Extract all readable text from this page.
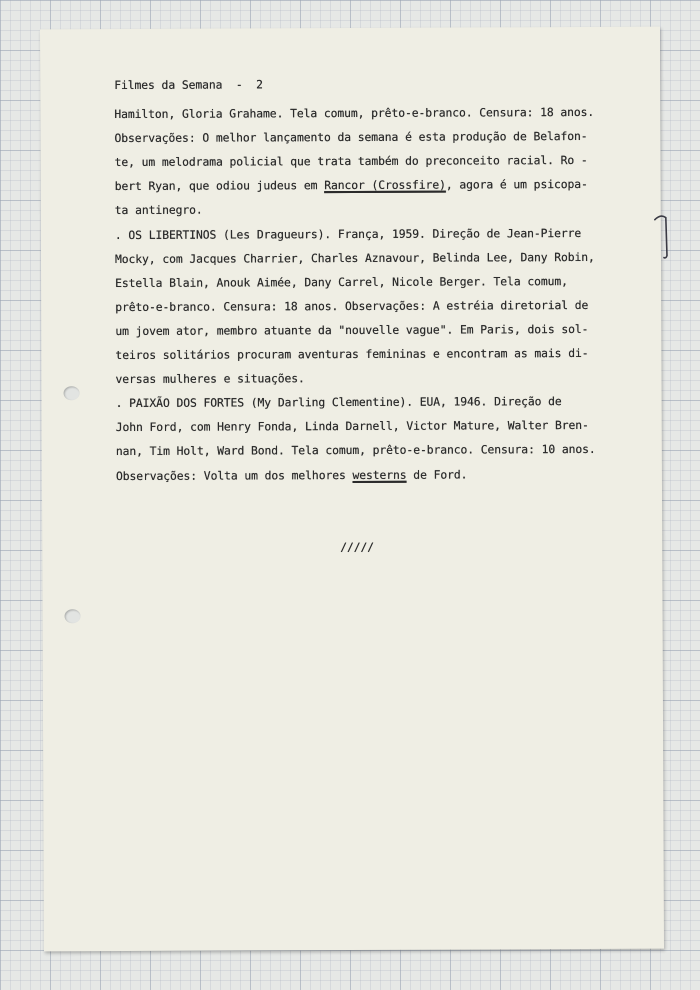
Filmes da Semana  -  2
Hamilton, Gloria Grahame. Tela comum, prêto-e-branco. Censura: 18 anos.
Observações: O melhor lançamento da semana é esta produção de Belafon-
te, um melodrama policial que trata também do preconceito racial. Ro -
bert Ryan, que odiou judeus em Rancor (Crossfire), agora é um psicopa-
ta antinegro.
. OS LIBERTINOS (Les Dragueurs). França, 1959. Direção de Jean-Pierre
Mocky, com Jacques Charrier, Charles Aznavour, Belinda Lee, Dany Robin,
Estella Blain, Anouk Aimée, Dany Carrel, Nicole Berger. Tela comum,
prêto-e-branco. Censura: 18 anos. Observações: A estréia diretorial de
um jovem ator, membro atuante da "nouvelle vague". Em Paris, dois sol-
teiros solitários procuram aventuras femininas e encontram as mais di-
versas mulheres e situações.
. PAIXÃO DOS FORTES (My Darling Clementine). EUA, 1946. Direção de
John Ford, com Henry Fonda, Linda Darnell, Victor Mature, Walter Bren-
nan, Tim Holt, Ward Bond. Tela comum, prêto-e-branco. Censura: 10 anos.
Observações: Volta um dos melhores westerns de Ford.
/////
